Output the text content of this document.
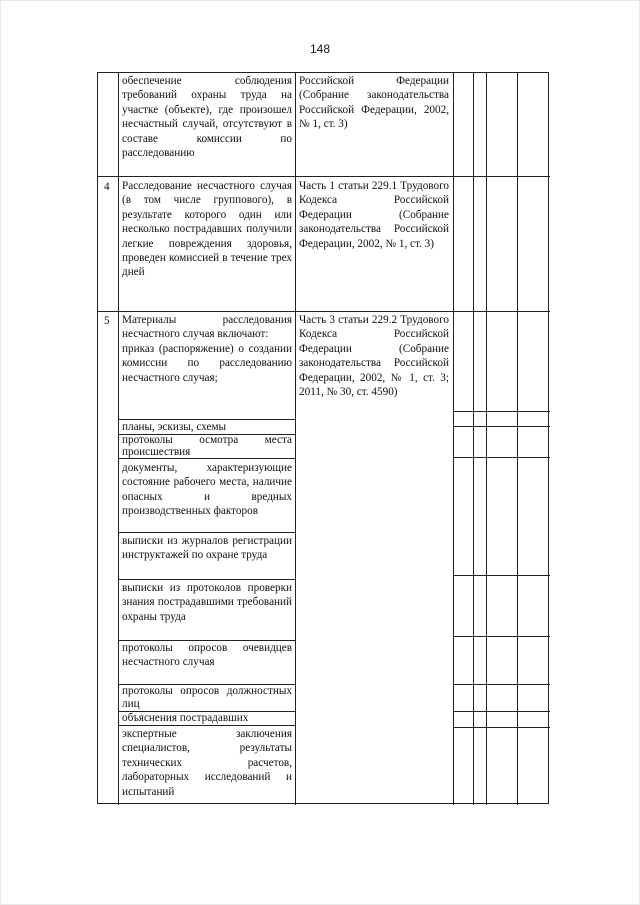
148
обеспечение соблюдения требований охраны труда на участке (объекте), где произошел несчастный случай, отсутствуют в составе комиссии по расследованию
Российской Федерации (Собрание законодательства Российской Федерации, 2002, № 1, ст. 3)
4 Расследование несчастного случая (в том числе группового), в результате которого один или несколько пострадавших получили легкие повреждения здоровья, проведен комиссией в течение трех дней
Часть 1 статьи 229.1 Трудового Кодекса Российской Федерации (Собрание законодательства Российской Федерации, 2002, № 1, ст. 3)
5 Материалы расследования несчастного случая включают:
приказ (распоряжение) о создании комиссии по расследованию несчастного случая;
Часть 3 статьи 229.2 Трудового Кодекса Российской Федерации (Собрание законодательства Российской Федерации, 2002, № 1, ст. 3; 2011, № 30, ст. 4590)
планы, эскизы, схемы
протоколы осмотра места происшествия
документы, характеризующие состояние рабочего места, наличие опасных и вредных производственных факторов
выписки из журналов регистрации инструктажей по охране труда
выписки из протоколов проверки знания пострадавшими требований охраны труда
протоколы опросов очевидцев несчастного случая
протоколы опросов должностных лиц
объяснения пострадавших
экспертные заключения специалистов, результаты технических расчетов, лабораторных исследований и испытаний
